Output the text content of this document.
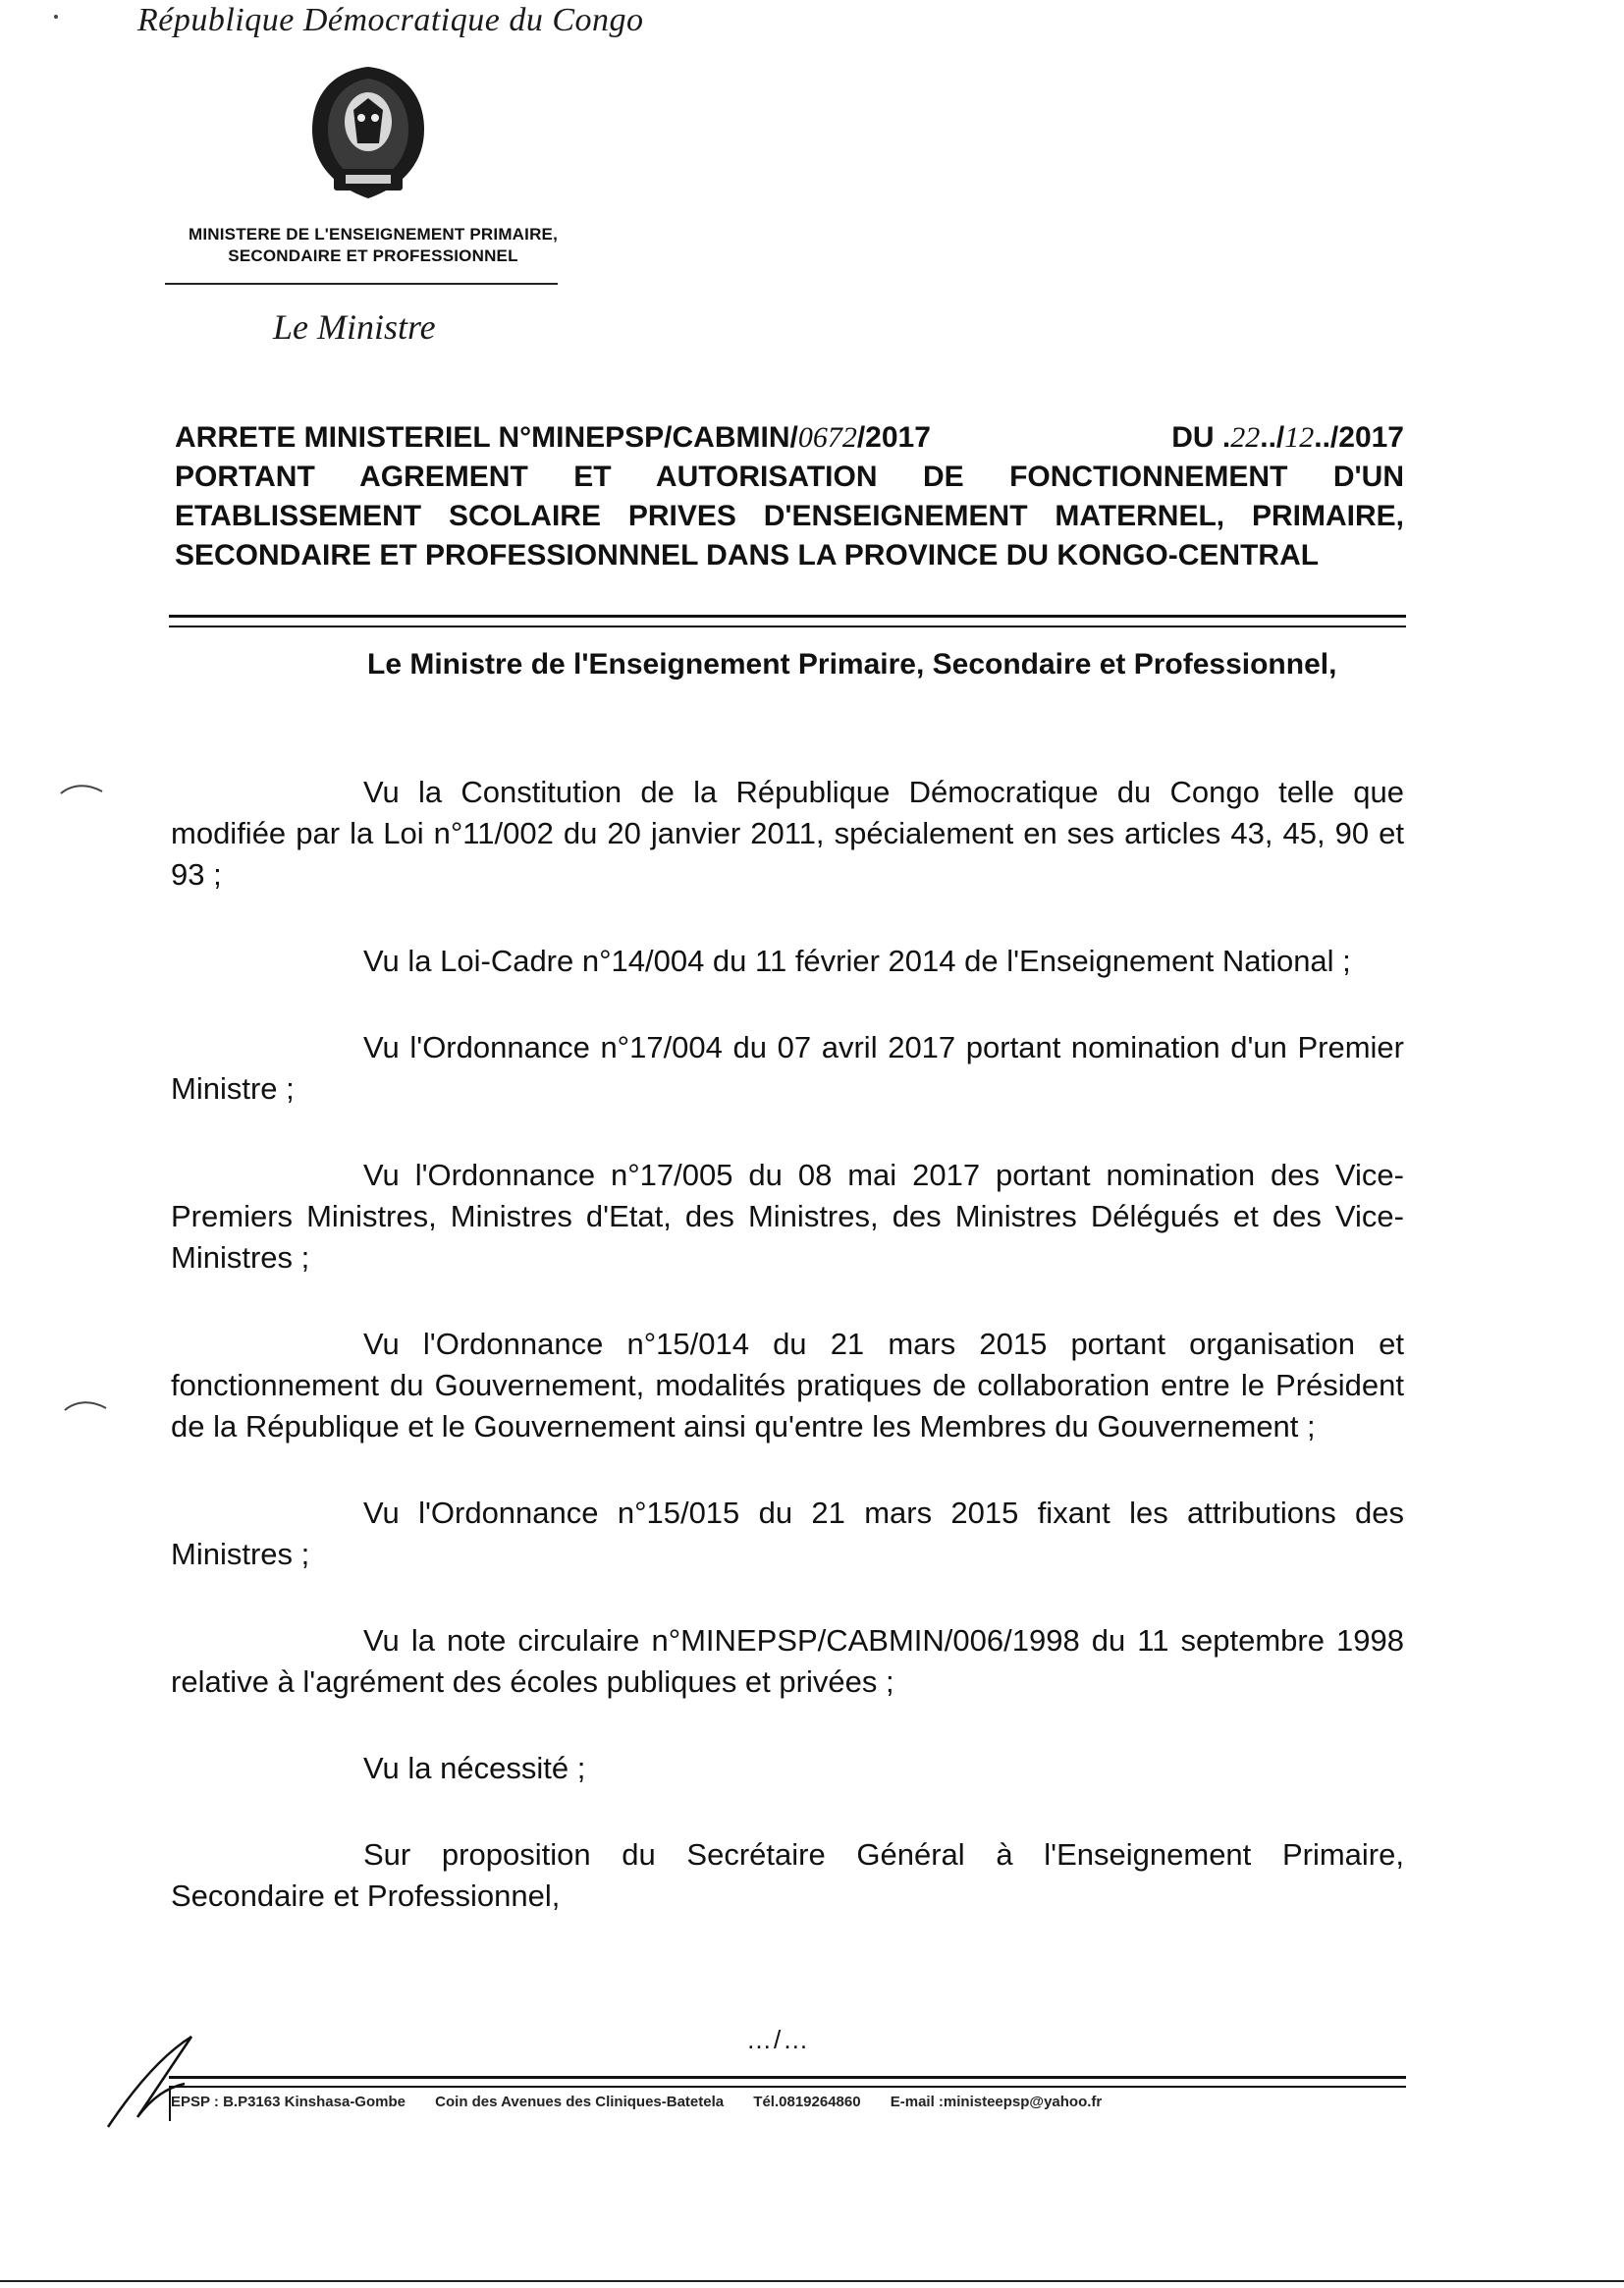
République Démocratique du Congo
MINISTERE DE L'ENSEIGNEMENT PRIMAIRE,
SECONDAIRE ET PROFESSIONNEL
Le Ministre
ARRETE MINISTERIEL N°MINEPSP/CABMIN/0672/2017	DU .22../12../2017
PORTANT AGREMENT ET AUTORISATION DE FONCTIONNEMENT D'UN ETABLISSEMENT SCOLAIRE PRIVES D'ENSEIGNEMENT MATERNEL, PRIMAIRE, SECONDAIRE ET PROFESSIONNNEL DANS LA PROVINCE DU KONGO-CENTRAL
Le Ministre de l'Enseignement Primaire, Secondaire et Professionnel,

Vu la Constitution de la République Démocratique du Congo telle que modifiée par la Loi n°11/002 du 20 janvier 2011, spécialement en ses articles 43, 45, 90 et 93 ;

Vu la Loi-Cadre n°14/004 du 11 février 2014 de l'Enseignement National ;

Vu l'Ordonnance n°17/004 du 07 avril 2017 portant nomination d'un Premier Ministre ;

Vu l'Ordonnance n°17/005 du 08 mai 2017 portant nomination des Vice-Premiers Ministres, Ministres d'Etat, des Ministres, des Ministres Délégués et des Vice-Ministres ;

Vu l'Ordonnance n°15/014 du 21 mars 2015 portant organisation et fonctionnement du Gouvernement, modalités pratiques de collaboration entre le Président de la République et le Gouvernement ainsi qu'entre les Membres du Gouvernement ;

Vu l'Ordonnance n°15/015 du 21 mars 2015 fixant les attributions des Ministres ;

Vu la note circulaire n°MINEPSP/CABMIN/006/1998 du 11 septembre 1998 relative à l'agrément des écoles publiques et privées ;

Vu la nécessité ;

Sur proposition du Secrétaire Général à l'Enseignement Primaire, Secondaire et Professionnel,

…/…
EPSP : B.P3163 Kinshasa-Gombe Coin des Avenues des Cliniques-Batetela Tél.0819264860 E-mail :ministeepsp@yahoo.fr
